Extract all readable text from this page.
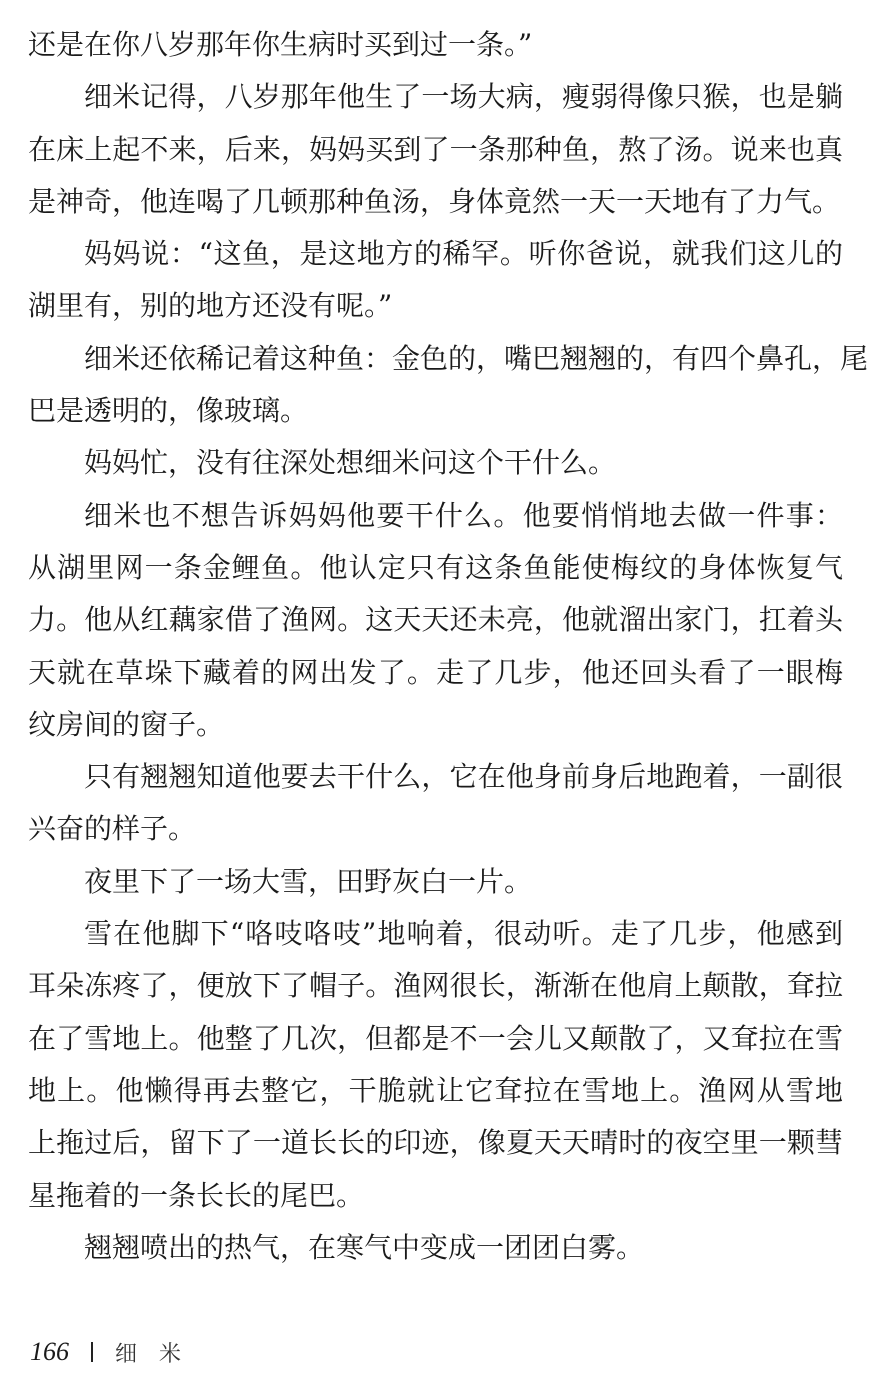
还是在你八岁那年你生病时买到过一条。”
细米记得，八岁那年他生了一场大病，瘦弱得像只猴，也是躺
在床上起不来，后来，妈妈买到了一条那种鱼，熬了汤。说来也真
是神奇，他连喝了几顿那种鱼汤，身体竟然一天一天地有了力气。
妈妈说：“这鱼，是这地方的稀罕。听你爸说，就我们这儿的
湖里有，别的地方还没有呢。”
细米还依稀记着这种鱼：金色的，嘴巴翘翘的，有四个鼻孔，尾
巴是透明的，像玻璃。
妈妈忙，没有往深处想细米问这个干什么。
细米也不想告诉妈妈他要干什么。他要悄悄地去做一件事：
从湖里网一条金鲤鱼。他认定只有这条鱼能使梅纹的身体恢复气
力。他从红藕家借了渔网。这天天还未亮，他就溜出家门，扛着头
天就在草垛下藏着的网出发了。走了几步，他还回头看了一眼梅
纹房间的窗子。
只有翘翘知道他要去干什么，它在他身前身后地跑着，一副很
兴奋的样子。
夜里下了一场大雪，田野灰白一片。
雪在他脚下“咯吱咯吱”地响着，很动听。走了几步，他感到
耳朵冻疼了，便放下了帽子。渔网很长，渐渐在他肩上颠散，耷拉
在了雪地上。他整了几次，但都是不一会儿又颠散了，又耷拉在雪
地上。他懒得再去整它，干脆就让它耷拉在雪地上。渔网从雪地
上拖过后，留下了一道长长的印迹，像夏天天晴时的夜空里一颗彗
星拖着的一条长长的尾巴。
翘翘喷出的热气，在寒气中变成一团团白雾。
166 细米
